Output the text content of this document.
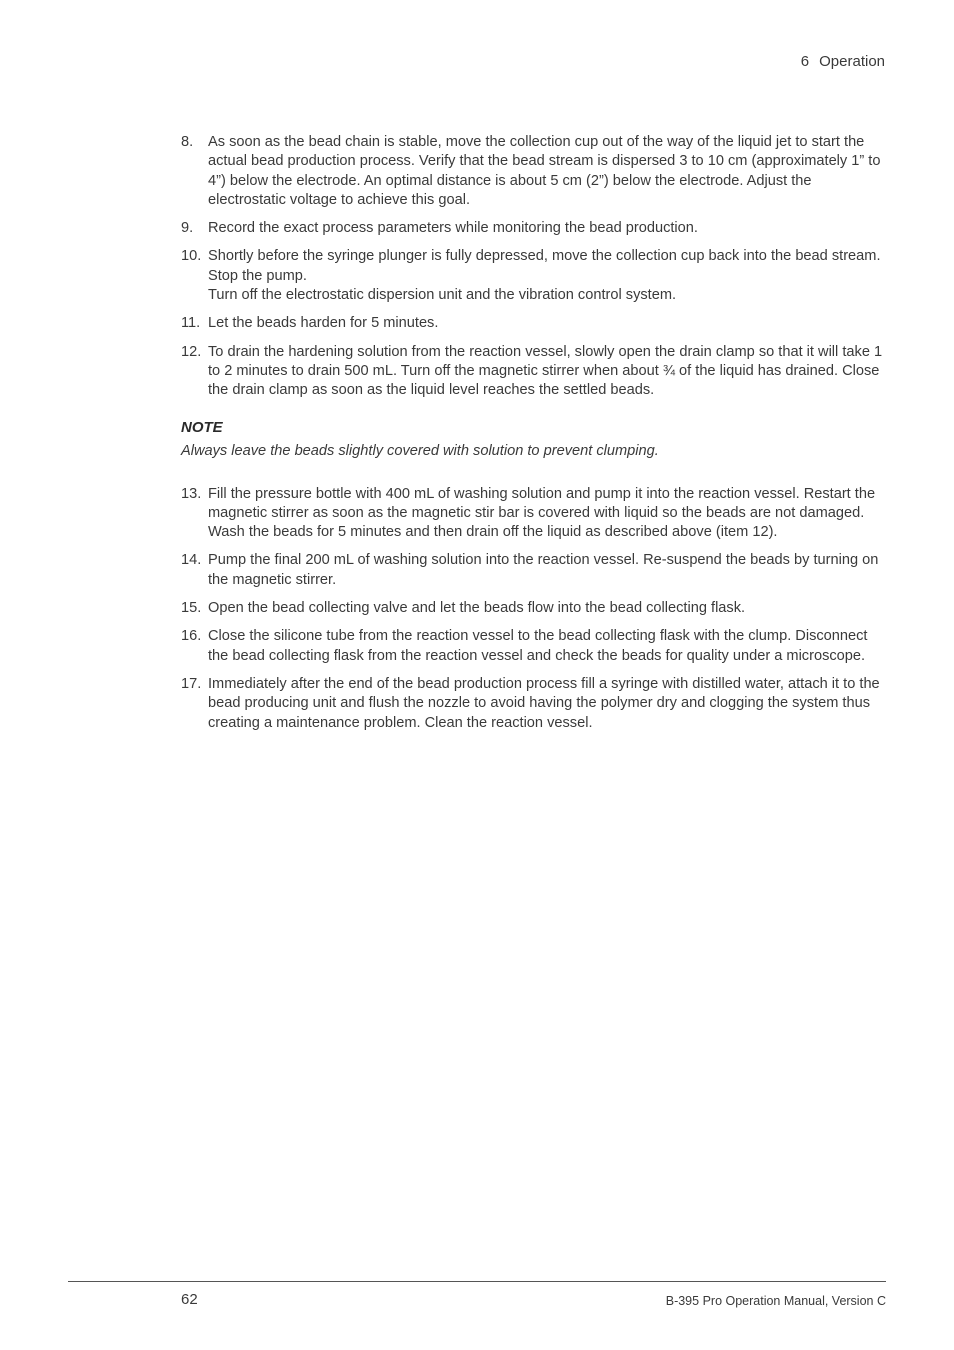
6 Operation
8. As soon as the bead chain is stable, move the collection cup out of the way of the liquid jet to start the actual bead production process. Verify that the bead stream is dispersed 3 to 10 cm (approximately 1” to 4”) below the electrode. An optimal distance is about 5 cm (2”) below the electrode. Adjust the electrostatic voltage to achieve this goal.
9. Record the exact process parameters while monitoring the bead production.
10. Shortly before the syringe plunger is fully depressed, move the collection cup back into the bead stream. Stop the pump.
Turn off the electrostatic dispersion unit and the vibration control system.
11. Let the beads harden for 5 minutes.
12. To drain the hardening solution from the reaction vessel, slowly open the drain clamp so that it will take 1 to 2 minutes to drain 500 mL. Turn off the magnetic stirrer when about ¾ of the liquid has drained. Close the drain clamp as soon as the liquid level reaches the settled beads.
NOTE
Always leave the beads slightly covered with solution to prevent clumping.
13. Fill the pressure bottle with 400 mL of washing solution and pump it into the reaction vessel. Restart the magnetic stirrer as soon as the magnetic stir bar is covered with liquid so the beads are not damaged. Wash the beads for 5 minutes and then drain off the liquid as described above (item 12).
14. Pump the final 200 mL of washing solution into the reaction vessel. Re-suspend the beads by turning on the magnetic stirrer.
15. Open the bead collecting valve and let the beads flow into the bead collecting flask.
16. Close the silicone tube from the reaction vessel to the bead collecting flask with the clump. Disconnect the bead collecting flask from the reaction vessel and check the beads for quality under a microscope.
17. Immediately after the end of the bead production process fill a syringe with distilled water, attach it to the bead producing unit and flush the nozzle to avoid having the polymer dry and clogging the system thus creating a maintenance problem. Clean the reaction vessel.
62	B-395 Pro Operation Manual, Version C
